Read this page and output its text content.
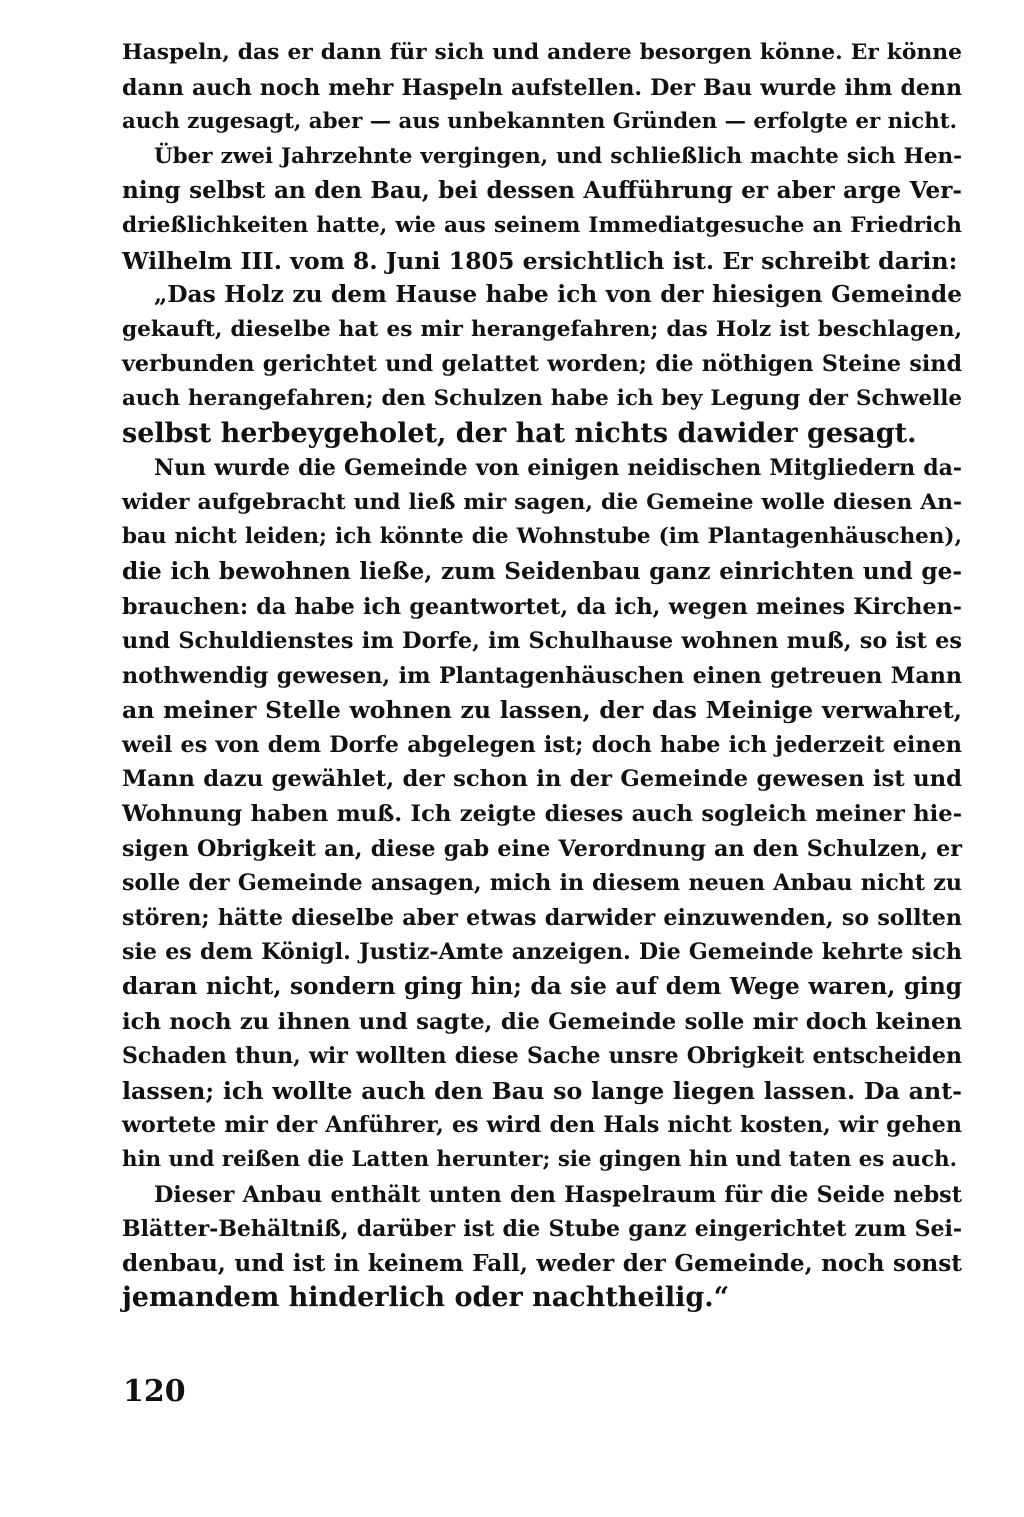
Haspeln, das er dann für sich und andere besorgen könne. Er könne
dann auch noch mehr Haspeln aufstellen. Der Bau wurde ihm denn
auch zugesagt, aber — aus unbekannten Gründen — erfolgte er nicht.
Über zwei Jahrzehnte vergingen, und schließlich machte sich Hen-
ning selbst an den Bau, bei dessen Aufführung er aber arge Ver-
drießlichkeiten hatte, wie aus seinem Immediatgesuche an Friedrich
Wilhelm III. vom 8. Juni 1805 ersichtlich ist. Er schreibt darin:
„Das Holz zu dem Hause habe ich von der hiesigen Gemeinde
gekauft, dieselbe hat es mir herangefahren; das Holz ist beschlagen,
verbunden gerichtet und gelattet worden; die nöthigen Steine sind
auch herangefahren; den Schulzen habe ich bey Legung der Schwelle
selbst herbeygeholet, der hat nichts dawider gesagt.
Nun wurde die Gemeinde von einigen neidischen Mitgliedern da-
wider aufgebracht und ließ mir sagen, die Gemeine wolle diesen An-
bau nicht leiden; ich könnte die Wohnstube (im Plantagenhäuschen),
die ich bewohnen ließe, zum Seidenbau ganz einrichten und ge-
brauchen: da habe ich geantwortet, da ich, wegen meines Kirchen-
und Schuldienstes im Dorfe, im Schulhause wohnen muß, so ist es
nothwendig gewesen, im Plantagenhäuschen einen getreuen Mann
an meiner Stelle wohnen zu lassen, der das Meinige verwahret,
weil es von dem Dorfe abgelegen ist; doch habe ich jederzeit einen
Mann dazu gewählet, der schon in der Gemeinde gewesen ist und
Wohnung haben muß. Ich zeigte dieses auch sogleich meiner hie-
sigen Obrigkeit an, diese gab eine Verordnung an den Schulzen, er
solle der Gemeinde ansagen, mich in diesem neuen Anbau nicht zu
stören; hätte dieselbe aber etwas darwider einzuwenden, so sollten
sie es dem Königl. Justiz-Amte anzeigen. Die Gemeinde kehrte sich
daran nicht, sondern ging hin; da sie auf dem Wege waren, ging
ich noch zu ihnen und sagte, die Gemeinde solle mir doch keinen
Schaden thun, wir wollten diese Sache unsre Obrigkeit entscheiden
lassen; ich wollte auch den Bau so lange liegen lassen. Da ant-
wortete mir der Anführer, es wird den Hals nicht kosten, wir gehen
hin und reißen die Latten herunter; sie gingen hin und taten es auch.
Dieser Anbau enthält unten den Haspelraum für die Seide nebst
Blätter-Behältniß, darüber ist die Stube ganz eingerichtet zum Sei-
denbau, und ist in keinem Fall, weder der Gemeinde, noch sonst
jemandem hinderlich oder nachtheilig.“
120
